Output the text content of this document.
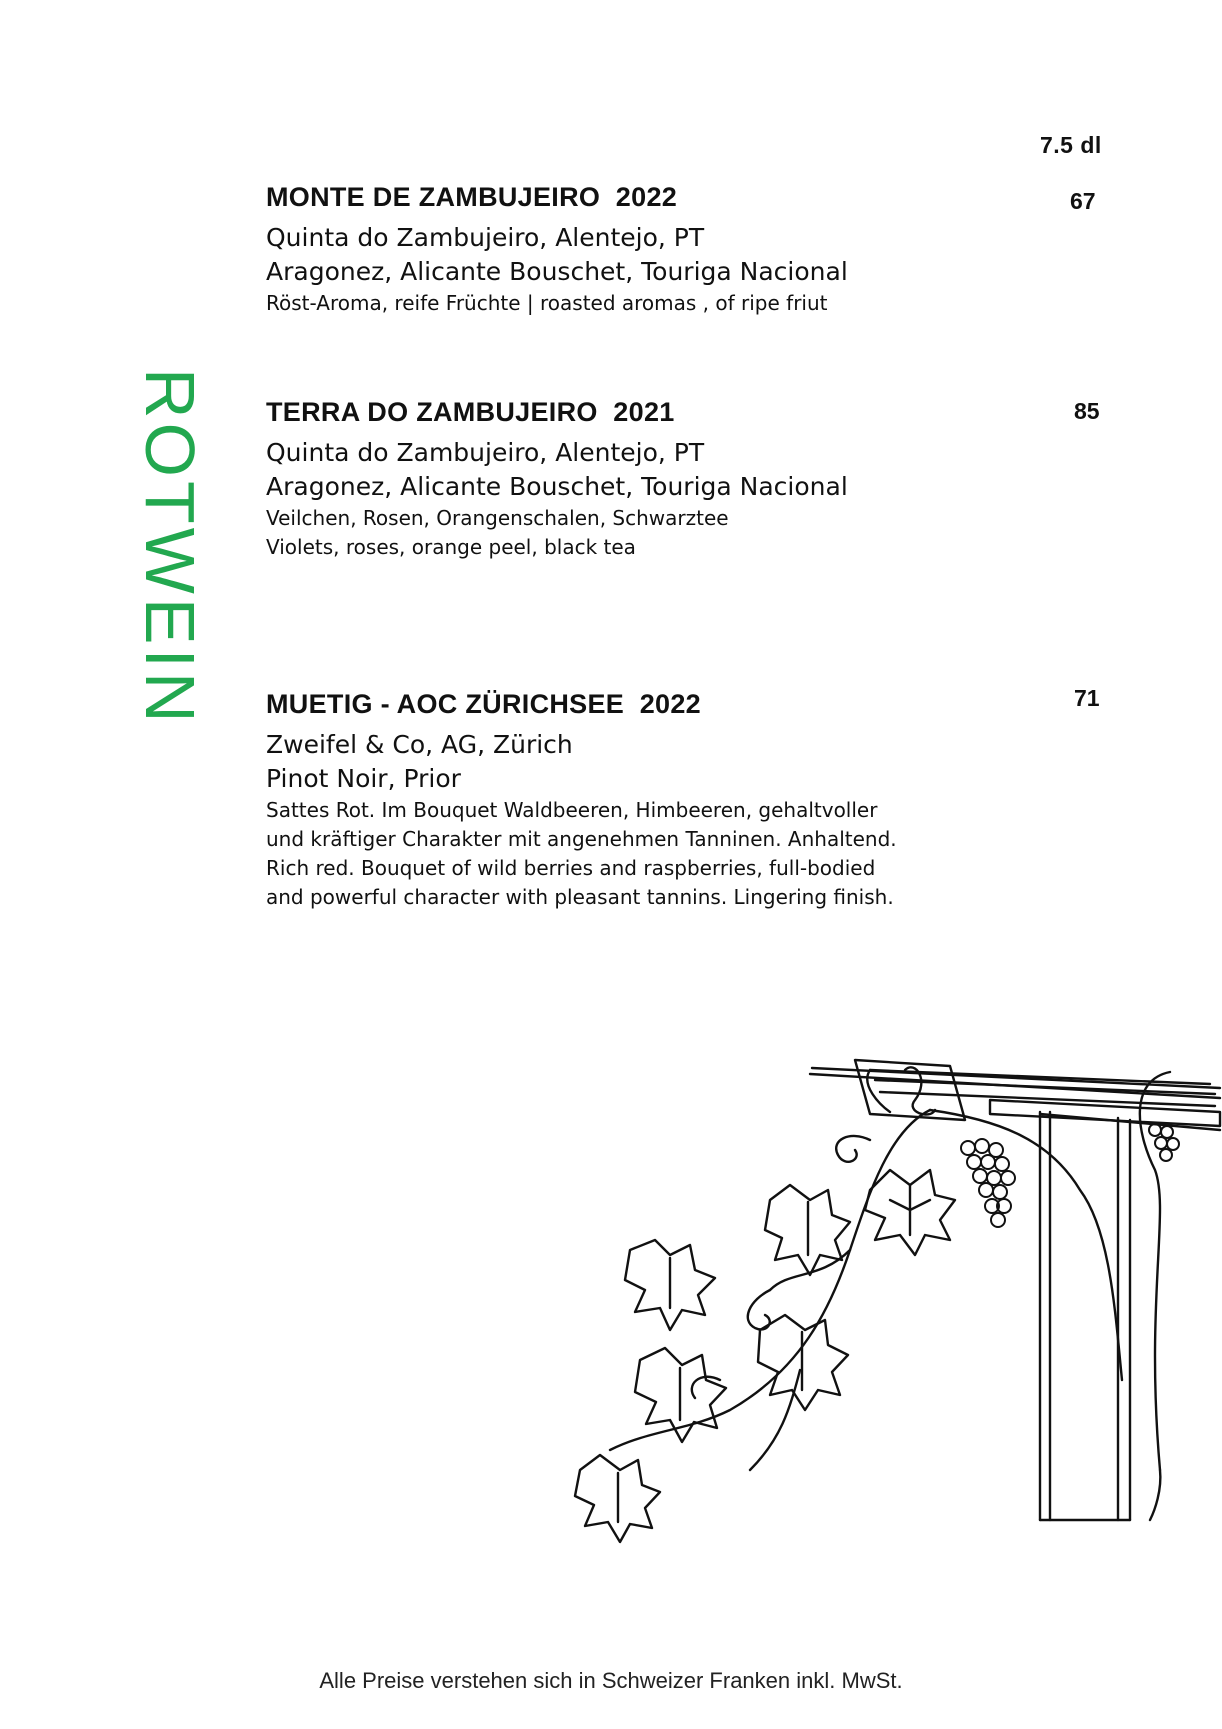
7.5 dl
ROTWEIN

MONTE DE ZAMBUJEIRO  2022

Quinta do Zambujeiro, Alentejo, PT

Aragonez, Alicante Bouschet, Touriga Nacional

Röst-Aroma, reife Früchte | roasted aromas , of ripe friut

67

TERRA DO ZAMBUJEIRO  2021

Quinta do Zambujeiro, Alentejo, PT

Aragonez, Alicante Bouschet, Touriga Nacional

Veilchen, Rosen, Orangenschalen, Schwarztee

Violets, roses, orange peel, black tea

85

MUETIG - AOC ZÜRICHSEE  2022

Zweifel & Co, AG, Zürich

Pinot Noir, Prior

Sattes Rot. Im Bouquet Waldbeeren, Himbeeren, gehaltvoller

und kräftiger Charakter mit angenehmen Tanninen. Anhaltend.

Rich red. Bouquet of wild berries and raspberries, full-bodied

and powerful character with pleasant tannins. Lingering finish.

71
Alle Preise verstehen sich in Schweizer Franken inkl. MwSt.
